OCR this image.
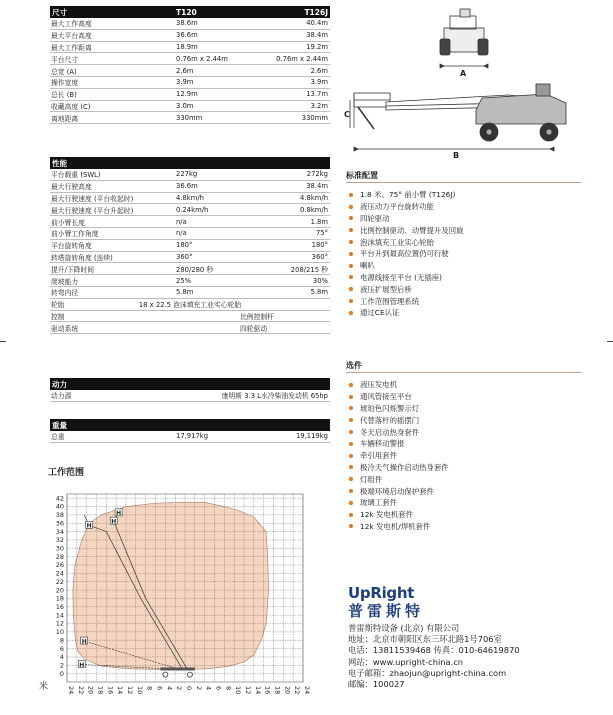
尺寸	T120	T126J
最大工作高度	38.6m	40.4m
最大平台高度	36.6m	38.4m
最大工作距离	18.9m	19.2m
平台尺寸	0.76m x 2.44m	0.76m x 2.44m
总宽 (A)	2.6m	2.6m
操作宽度	3.9m	3.9m
总长 (B)	12.9m	13.7m
收藏高度 (C)	3.0m	3.2m
离地距离	330mm	330mm
性能
平台载重 (SWL)	227kg	272kg
最大行驶高度	36.6m	38.4m
最大行驶速度 (平台收起时)	4.8km/h	4.8km/h
最大行驶速度 (平台升起时)	0.24km/h	0.8km/h
前小臂长度	n/a	1.8m
前小臂工作角度	n/a	75°
平台旋转角度	180°	180°
转塔旋转角度 (连续)	360°	360°
提升/下降时间	280/280 秒	208/215 秒
爬坡能力	25%	30%
转弯内径	5.8m	5.8m
轮胎	18 x 22.5 泡沫填充工业实心轮胎
控制	比例控制杆
驱动系统	四轮驱动
动力
动力源	康明斯 3.3 L水冷柴油发动机 65hp
重量
总重	17,917kg	19,119kg
工作范围
0
2
4
6
8
10
12
14
16
18
20
22
24
26
28
30
32
34
36
38
40
42
24 22 20 18 16 14 12 10 8 6 4 2 0 2 4 6 8 10 12 14 16 18 20 22 24
H
H
H
H
H
米
A
C
B
标准配置
1.8 米、75° 前小臂 (T126J)
液压动力平台旋转功能
四轮驱动
比例控制驱动、动臂提升及回旋
泡沫填充工业实心轮胎
平台升到最高位置仍可行驶
喇叭
电源线接至平台 (无插座)
液压扩展型后桥
工作范围管理系统
通过CE认证
选件
液压发电机
通风管接至平台
琥珀色闪烁警示灯
代替落杆的摇摆门
冬天启动热身套件
车辆移动警报
牵引用套件
极冷天气操作启动热身套件
灯组件
极端环境启动保护套件
玻璃工套件
12k 发电机套件
12k 发电机/焊机套件
UpRight
普雷斯特
普雷斯特设备 (北京) 有限公司
地址：北京市朝阳区东三环北路1号706室
电话：13811539468 传真：010-64619870
网站：www.upright-china.cn
电子邮箱：zhaojun@upright-china.com
邮编：100027
